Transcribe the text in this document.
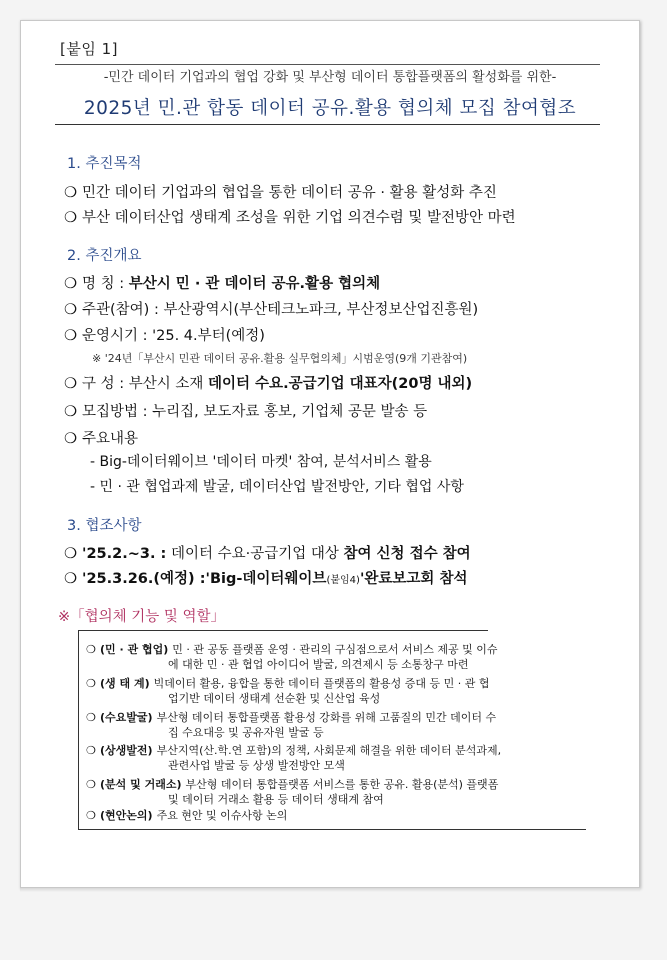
[붙임 1]
-민간 데이터 기업과의 협업 강화 및 부산형 데이터 통합플랫폼의 활성화를 위한-
2025년 민.관 합동 데이터 공유.활용 협의체 모집 참여협조
1. 추진목적
❍ 민간 데이터 기업과의 협업을 통한 데이터 공유 · 활용 활성화 추진
❍ 부산 데이터산업 생태계 조성을 위한 기업 의견수렴 및 발전방안 마련
2. 추진개요
❍ 명 칭 : 부산시 민 · 관 데이터 공유.활용 협의체
❍ 주관(참여) : 부산광역시(부산테크노파크, 부산정보산업진흥원)
❍ 운영시기 : '25. 4.부터(예정)
※ '24년「부산시 민관 데이터 공유.활용 실무협의체」시범운영(9개 기관참여)
❍ 구 성 : 부산시 소재 데이터 수요.공급기업 대표자(20명 내외)
❍ 모집방법 : 누리집, 보도자료 홍보, 기업체 공문 발송 등
❍ 주요내용
- Big-데이터웨이브 '데이터 마켓' 참여, 분석서비스 활용
- 민 · 관 협업과제 발굴, 데이터산업 발전방안, 기타 협업 사항
3. 협조사항
❍ '25.2.~3. : 데이터 수요·공급기업 대상 참여 신청 접수 참여
❍ '25.3.26.(예정) :'Big-데이터웨이브(붙임4)'완료보고회 참석
※「협의체 기능 및 역할」
❍ (민 · 관 협업) 민 · 관 공동 플랫폼 운영 · 관리의 구심점으로서 서비스 제공 및 이슈
에 대한 민 · 관 협업 아이디어 발굴, 의견제시 등 소통창구 마련
❍ (생 태 계) 빅데이터 활용, 융합을 통한 데이터 플랫폼의 활용성 증대 등 민 · 관 협
업기반 데이터 생태계 선순환 및 신산업 육성
❍ (수요발굴) 부산형 데이터 통합플랫폼 활용성 강화를 위해 고품질의 민간 데이터 수
집 수요대응 및 공유자원 발굴 등
❍ (상생발전) 부산지역(산.학.연 포함)의 정책, 사회문제 해결을 위한 데이터 분석과제,
관련사업 발굴 등 상생 발전방안 모색
❍ (분석 및 거래소) 부산형 데이터 통합플랫폼 서비스를 통한 공유. 활용(분석) 플랫폼
및 데이터 거래소 활용 등 데이터 생태계 참여
❍ (현안논의) 주요 현안 및 이슈사항 논의
